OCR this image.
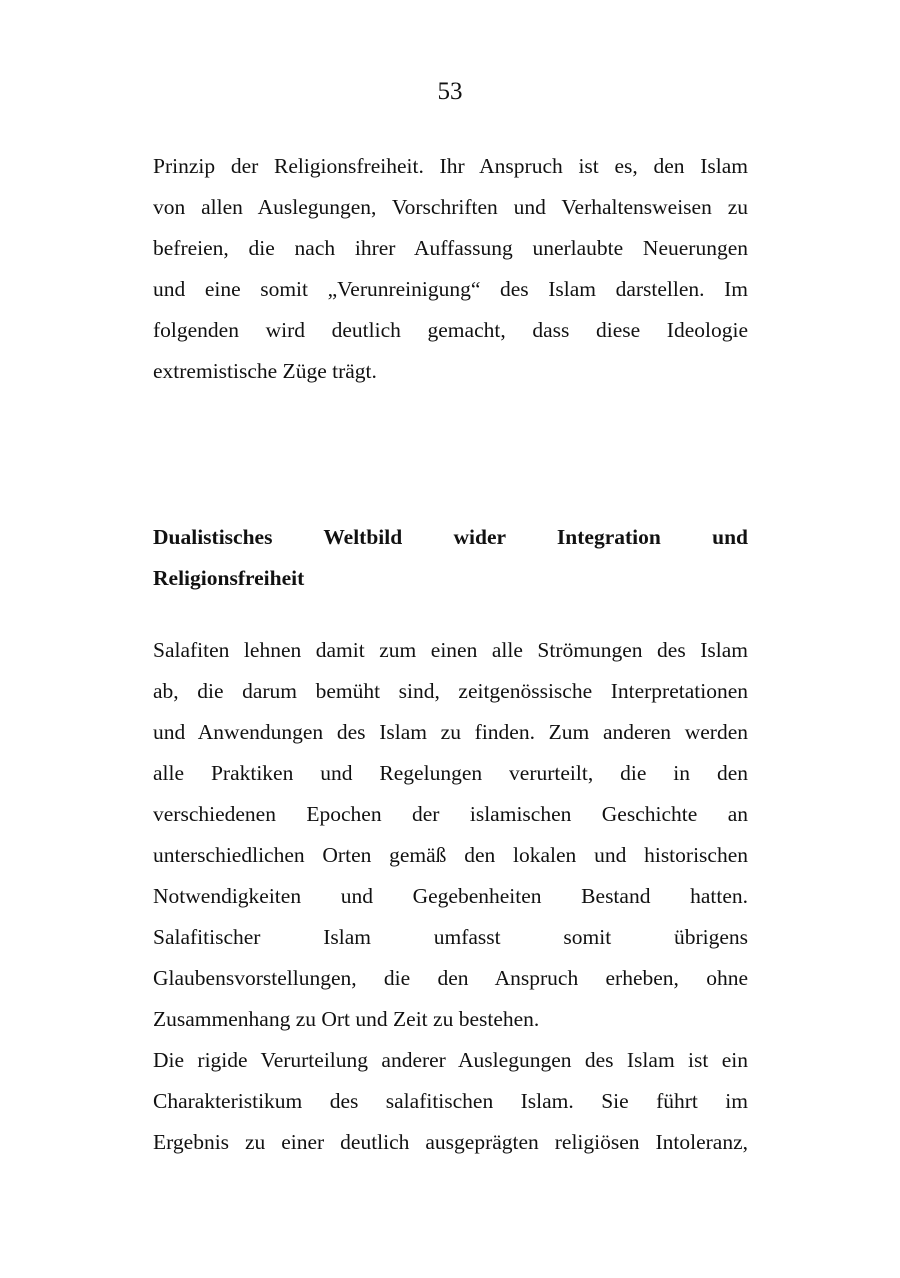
53
Prinzip der Religionsfreiheit. Ihr Anspruch ist es, den Islam
von allen Auslegungen, Vorschriften und Verhaltensweisen zu
befreien, die nach ihrer Auffassung unerlaubte Neuerungen
und eine somit „Verunreinigung“ des Islam darstellen. Im
folgenden wird deutlich gemacht, dass diese Ideologie
extremistische Züge trägt.
Dualistisches Weltbild wider Integration und
Religionsfreiheit
Salafiten lehnen damit zum einen alle Strömungen des Islam
ab, die darum bemüht sind, zeitgenössische Interpretationen
und Anwendungen des Islam zu finden. Zum anderen werden
alle Praktiken und Regelungen verurteilt, die in den
verschiedenen Epochen der islamischen Geschichte an
unterschiedlichen Orten gemäß den lokalen und historischen
Notwendigkeiten und Gegebenheiten Bestand hatten.
Salafitischer Islam umfasst somit übrigens
Glaubensvorstellungen, die den Anspruch erheben, ohne
Zusammenhang zu Ort und Zeit zu bestehen.
Die rigide Verurteilung anderer Auslegungen des Islam ist ein
Charakteristikum des salafitischen Islam. Sie führt im
Ergebnis zu einer deutlich ausgeprägten religiösen Intoleranz,
